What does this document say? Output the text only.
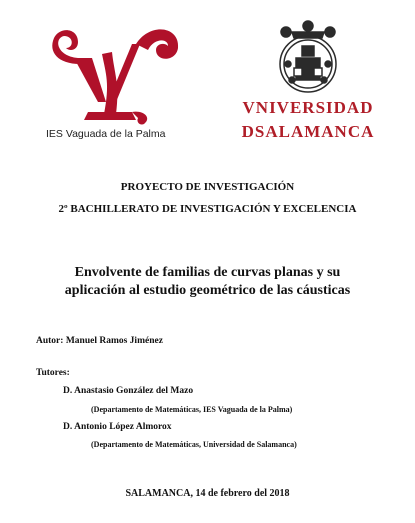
IES Vaguada de la Palma
VNIVERSIDAD
DSALAMANCA
PROYECTO DE INVESTIGACIÓN
2º BACHILLERATO DE INVESTIGACIÓN Y EXCELENCIA
Envolvente de familias de curvas planas y su
aplicación al estudio geométrico de las cáusticas
Autor: Manuel Ramos Jiménez
Tutores:
D. Anastasio González del Mazo
(Departamento de Matemáticas, IES Vaguada de la Palma)
D. Antonio López Almorox
(Departamento de Matemáticas, Universidad de Salamanca)
SALAMANCA, 14 de febrero del 2018
